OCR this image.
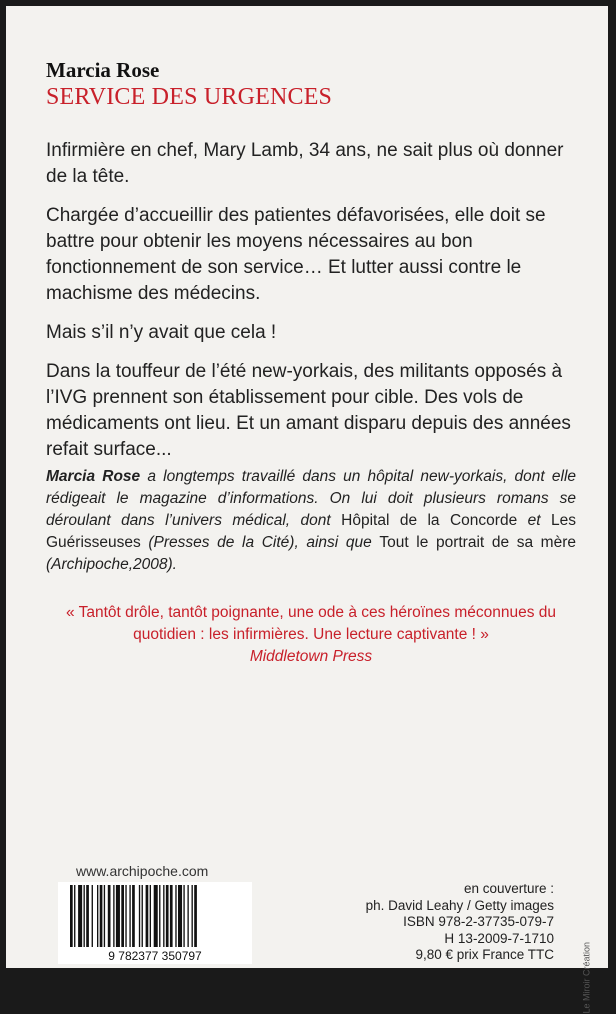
Marcia Rose
SERVICE DES URGENCES

Infirmière en chef, Mary Lamb, 34 ans, ne sait plus où donner de la tête.

Chargée d’accueillir des patientes défavorisées, elle doit se battre pour obtenir les moyens nécessaires au bon fonctionnement de son service… Et lutter aussi contre le machisme des médecins.

Mais s’il n’y avait que cela !

Dans la touffeur de l’été new-yorkais, des militants opposés à l’IVG prennent son établissement pour cible. Des vols de médicaments ont lieu. Et un amant disparu depuis des années refait surface...

Marcia Rose a longtemps travaillé dans un hôpital new-yorkais, dont elle rédigeait le magazine d’informations. On lui doit plusieurs romans se déroulant dans l’univers médical, dont Hôpital de la Concorde et Les Guérisseuses (Presses de la Cité), ainsi que Tout le portrait de sa mère (Archipoche,2008).
« Tantôt drôle, tantôt poignante, une ode à ces héroïnes méconnues du quotidien : les infirmières. Une lecture captivante ! »
Middletown Press
www.archipoche.com
9 782377 350797
en couverture :
ph. David Leahy / Getty images
ISBN 978-2-37735-079-7
H 13-2009-7-1710
9,80 € prix France TTC	Le Miroir Création
